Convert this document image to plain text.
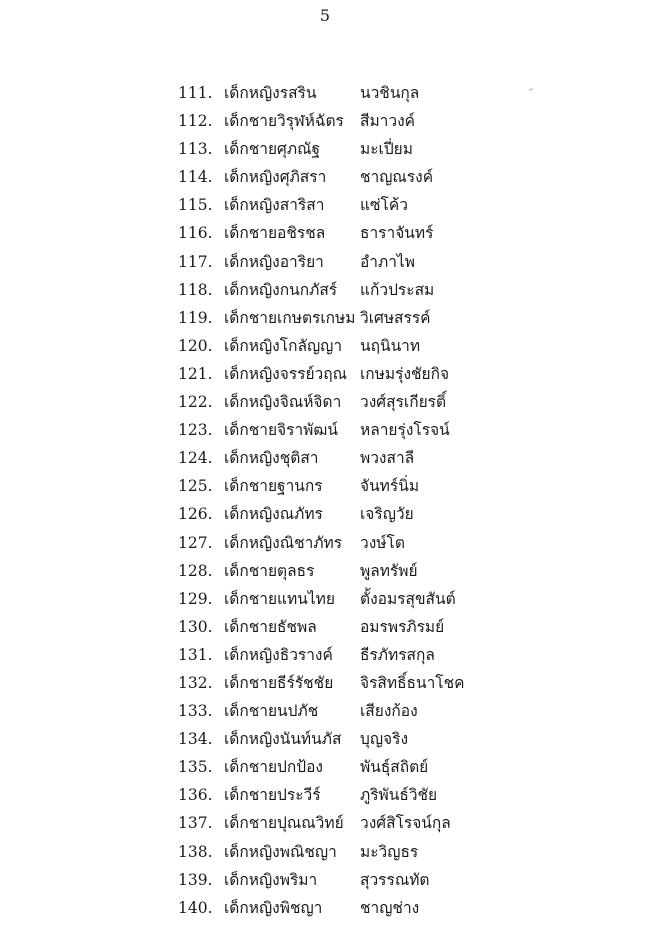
5
111. เด็กหญิงรสริน	นวชินกุล
112. เด็กชายวิรุฬห์ฉัตร สีมาวงค์
113. เด็กชายศุภณัฐ	มะเปี่ยม
114. เด็กหญิงศุภิสรา ชาญณรงค์
115. เด็กหญิงสาริสา แซ่โค้ว
116. เด็กชายอชิรชล ธาราจันทร์
117. เด็กหญิงอาริยา อำภาไพ
118. เด็กหญิงกนกภัสร์ แก้วประสม
119. เด็กชายเกษตรเกษม วิเศษสรรค์
120. เด็กหญิงโกลัญญา นฤนินาท
121. เด็กหญิงจรรย์วฤณ เกษมรุ่งชัยกิจ
122. เด็กหญิงจิณห์จิดา วงศ์สุรเกียรติ์
123. เด็กชายจิราพัฒน์ หลายรุ่งโรจน์
124. เด็กหญิงชุติสา	พวงสาลี
125. เด็กชายฐานกร จันทร์นิ่ม
126. เด็กหญิงณภัทร เจริญวัย
127. เด็กหญิงณิชาภัทร วงษ์โต
128. เด็กชายตุลธร	พูลทรัพย์
129. เด็กชายแทนไทย ตั้งอมรสุขสันต์
130. เด็กชายธัชพล	อมรพรภิรมย์
131. เด็กหญิงธิวรางค์ ธีรภัทรสกุล
132. เด็กชายธีร์รัชชัย จิรสิทธิ์ธนาโชค
133. เด็กชายนปภัช	เสียงก้อง
134. เด็กหญิงนันท์นภัส บุญจริง
135. เด็กชายปกป้อง พันธุ์สถิตย์
136. เด็กชายประวีร์	ภูริพันธ์วิชัย
137. เด็กชายปุณณวิทย์ วงศ์สิโรจน์กุล
138. เด็กหญิงพณิชญา มะวิญธร
139. เด็กหญิงพริมา	สุวรรณทัต
140. เด็กหญิงพิชญา ชาญช่าง
